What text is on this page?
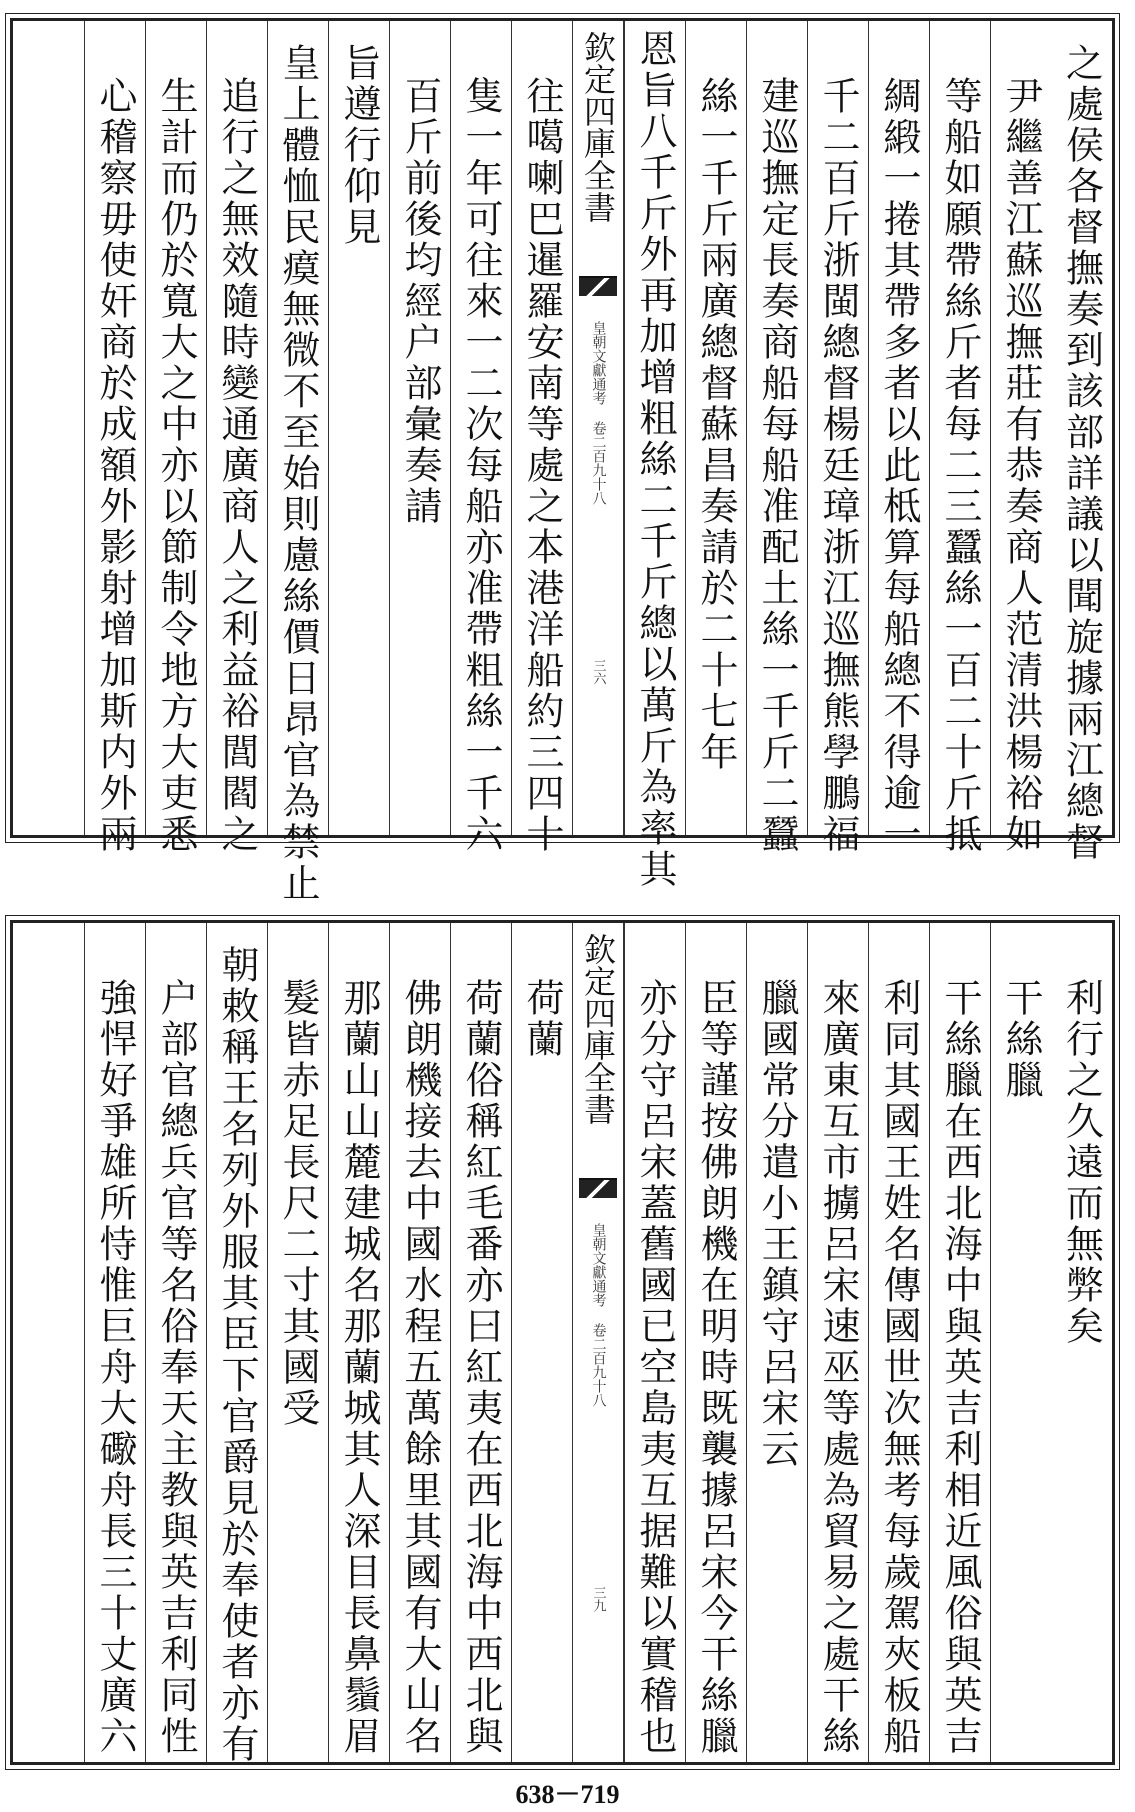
之處侯各督撫奏到該部詳議以聞旋據兩江總督
尹繼善江蘇巡撫莊有恭奏商人范清洪楊裕如
等船如願帶絲斤者每二三蠶絲一百二十斤抵
綢緞一捲其帶多者以此柢算每船總不得逾一
千二百斤浙閩總督楊廷璋浙江巡撫熊學鵬福
建巡撫定長奏商船每船准配土絲一千斤二蠶
絲一千斤兩廣總督蘇昌奏請於二十七年
恩旨八千斤外再加增粗絲二千斤總以萬斤為率其
欽定四庫全書
皇朝文獻通考 卷二百九十八
三六
往噶喇巴暹羅安南等處之本港洋船約三四十
隻一年可往來一二次每船亦准帶粗絲一千六
百斤前後均經户部彙奏請
旨遵行仰見
皇上體恤民瘼無微不至始則慮絲價日昂官為禁止
追行之無效隨時變通廣商人之利益裕閭閻之
生計而仍於寬大之中亦以節制令地方大吏悉
心稽察毋使奸商於成額外影射增加斯内外兩
利行之久遠而無弊矣
干絲臘
干絲臘在西北海中與英吉利相近風俗與英吉
利同其國王姓名傳國世次無考每歲駕夾板船
來廣東互市擄呂宋速巫等處為貿易之處干絲
臘國常分遣小王鎮守呂宋云
臣等謹按佛朗機在明時既襲據呂宋今干絲臘
亦分守呂宋蓋舊國已空島夷互据難以實稽也
欽定四庫全書
皇朝文獻通考 卷二百九十八
三九
荷蘭
荷蘭俗稱紅毛番亦曰紅夷在西北海中西北與
佛朗機接去中國水程五萬餘里其國有大山名
那蘭山山麓建城名那蘭城其人深目長鼻鬚眉
髮皆赤足長尺二寸其國受
朝敕稱王名列外服其臣下官爵見於奉使者亦有
户部官總兵官等名俗奉天主教與英吉利同性
強悍好爭雄所恃惟巨舟大礮舟長三十丈廣六
638－719
